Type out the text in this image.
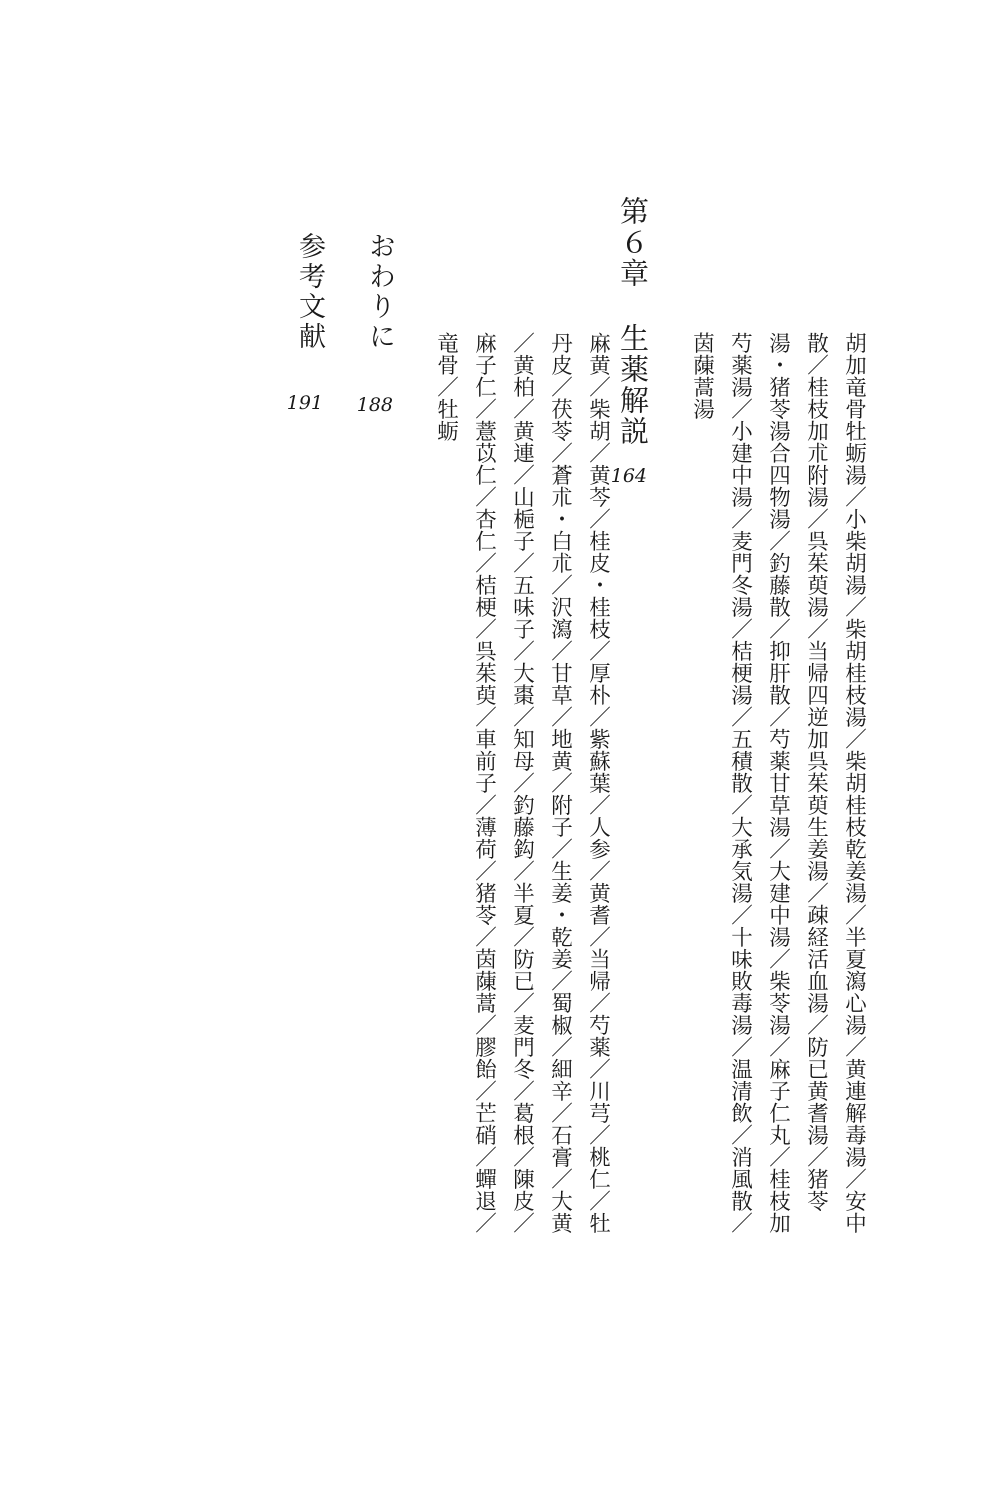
胡加竜骨牡蛎湯／小柴胡湯／柴胡桂枝湯／柴胡桂枝乾姜湯／半夏瀉心湯／黄連解毒湯／安中
散／桂枝加朮附湯／呉茱萸湯／当帰四逆加呉茱萸生姜湯／疎経活血湯／防已黄耆湯／猪苓
湯・猪苓湯合四物湯／釣藤散／抑肝散／芍薬甘草湯／大建中湯／柴苓湯／麻子仁丸／桂枝加
芍薬湯／小建中湯／麦門冬湯／桔梗湯／五積散／大承気湯／十味敗毒湯／温清飲／消風散／
茵蔯蒿湯
第６章生薬解説
164
麻黄／柴胡／黄芩／桂皮・桂枝／厚朴／紫蘇葉／人参／黄耆／当帰／芍薬／川芎／桃仁／牡
丹皮／茯苓／蒼朮・白朮／沢瀉／甘草／地黄／附子／生姜・乾姜／蜀椒／細辛／石膏／大黄
／黄柏／黄連／山梔子／五味子／大棗／知母／釣藤鈎／半夏／防已／麦門冬／葛根／陳皮／
麻子仁／薏苡仁／杏仁／桔梗／呉茱萸／車前子／薄荷／猪苓／茵蔯蒿／膠飴／芒硝／蟬退／
竜骨／牡蛎
おわりに
188
参考文献
191
